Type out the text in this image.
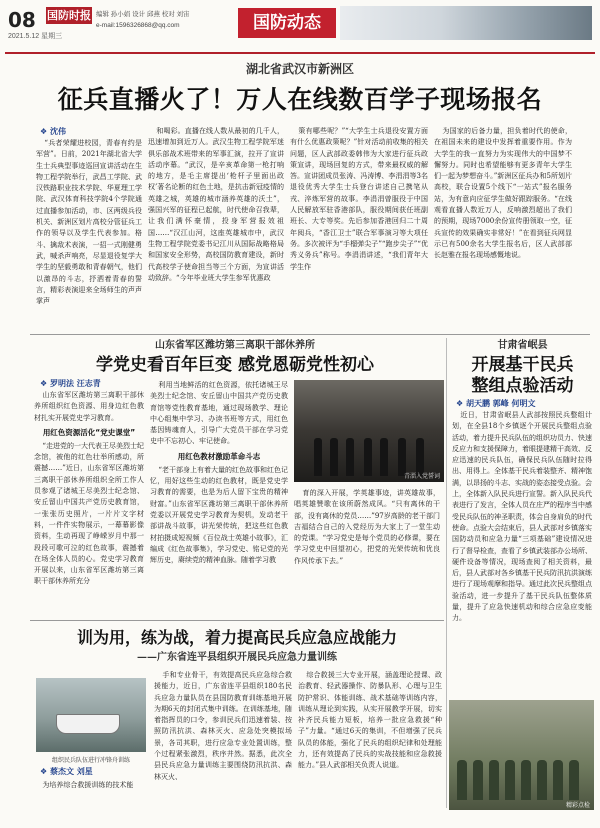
08
2021.5.12 星期三
国防时报 编辑 孙小娟 设计 邱燕 校对 刘宙
e-mail:1596326868@qq.com	国防动态
湖北省武汉市新洲区
征兵直播火了！万人在线数百学子现场报名
❖ 沈伟

“兵者荣耀进校园，青春有约是军营”。日前，2021年湖北省大学生士兵典型事迹巡回宣讲活动在生物工程学院举行，武昌工学院、武汉铁路职业技术学院、华夏理工学院、武汉体育科技学院4个学院通过直播参加活动，市、区两级兵役机关、新洲区划片高校分管征兵工作的领导以及学生代表参加。格斗、擒敌术表演，一招一式刚健勇武，喊杀声响亮，尽显退役复学大学生的坚毅勇敢和青春朝气，他们以激昂的斗志，抒洒着青春的誓言，精彩表演迎来全场师生的声声掌声

和喝彩。直播在线人数从最初的几千人，迅速增加到近万人。武汉生物工程学院军迷俱乐部战术班带来的军事汇演，拉开了宣讲活动序幕。“武汉，是辛亥革命第一枪打响的地方，是毛主席提出‘枪杆子里面出政权’著名论断的红色土地，是抗击新冠疫情的英雄之城，英雄的城市涵养英雄的沃土”，强国兴军的征程已起航，时代使命召我辈，让我们满怀豪情，投身军营报效祖国……“汉江山河，这座英雄城市中，武汉生物工程学院党委书记江川从国际战略格局和国家安全形势，高校国防教育建设，新时代高校学子使命担当等三个方面，为宣讲活动致辞。“今年毕业班大学生参军优惠政

策有哪些呢？”“大学生士兵退役安置方面有什么优惠政策呢？”针对活动前收集的相关问题，区人武部政委韩伟为大家进行征兵政策宣讲，现场回复的方式，带来最权威的解答。宣讲团成员张涛、冯涛博、李涓涓等3名退役优秀大学生士兵登台讲述自己携笔从戎、淬炼军营的故事。李涓涓曾服役于中国人民解放军驻香港部队，服役期间获任班副班长、大专等奖。先后参加香港回归二十周年阅兵，“香江卫士”联合军事演习等大项任务。多次被评为“手榴弹尖子”“跑步尖子”“优秀义务兵”称号。李涓涓讲述，“我们青年大学生作

为国家的后备力量，担负着时代的使命，在祖国未来的建设中发挥着重要作用。作为大学生的我一直努力为实现伟大的中国梦不懈努力。同时也希望能够有更多青年大学生们一起为梦想奋斗。”新洲区征兵办和5所划片高校，联合设置5个线下“一站式”报名服务站，为有意向应征学生做好跟踪服务。“在线观看直播人数近万人，反响激烈超出了我们的预期，现场7000余份宣传册领取一空，征兵宣传的效果确实非常好！”在看到征兵网显示已有500余名大学生报名后，区人武部部长赵雅在报名现场感慨地说。

山东省军区潍坊第三离职干部休养所
学党史看百年巨变 感党恩砺党性初心
❖ 罗明法 汪志青

山东省军区潍坊第三离职干部休养所组织红色资源、用身边红色教材扎实开展党史学习教育。

用红色资源活化“党史课堂”

“走进党的一大代表王尽美烈士纪念馆，被他的红色壮举所感动，所震撼……”近日，山东省军区潍坊第三离职干部休养所组织全所工作人员参观了诸城王尽美烈士纪念馆、安丘留山中国共产党历史教育馆，一张张历史照片，一片片文字材料，一件件实物展示，一幕幕影像资料，生动再现了峥嵘岁月中那一段段可歌可泣的红色故事，震撼着在场全体人员的心。党史学习教育开展以来，山东省军区潍坊第三离职干部休养所充分

利用当地鲜活的红色资源，依托诸城王尽美烈士纪念馆、安丘留山中国共产党历史教育馆等党性教育基地，通过现场教学、理论中心组集中学习、办读书班等方式，用红色基因铸魂育人，引导广大党员干部在学习党史中不忘初心、牢记使命。

用红色教材激励革命斗志

“老干部身上有着大量的红色故事和红色记忆，用好这些生动的红色教材，既是党史学习教育的需要，也是为后人留下宝贵的精神财富。”山东省军区潍坊第三离职干部休养所党委以开展党史学习教育为契机，发动老干部讲战斗故事，讲光荣传统，把这些红色教材拍摄成短视频《百位战士英雄小故事》，汇编成《红色故事集》，学习党史、铭记党的光辉历史，赓续党的精神血脉。随着学习教

青淄入党誓词

育的深入开展，学英雄事迹，讲英雄故事，唱英雄赞歌在该所蔚然成风。“只有离休的干部，没有离休的党员……”97岁高龄的老干部门吉福结合自己的入党经历为大家上了一堂生动的党课。“学习党史是每个党员的必修课，要在学习党史中回望初心，把党的光荣传统和优良作风传承下去。”

甘肃省岷县
开展基干民兵
整组点验活动
❖ 胡天鹏 郭峰 何明文

近日，甘肃省岷县人武部按照民兵整组计划，在全县18个乡镇逐个开展民兵整组点验活动，着力提升民兵队伍的组织功员力、快速反应力和支援保障力，着眼提建精干高效、反应迅速的民兵队伍，确保民兵队伍随时拉得出、用得上。全体基干民兵着装整齐、精神饱满，以昂扬的斗志、实战的姿态接受点验。会上，全体新入队民兵进行宣誓。新入队民兵代表进行了发言，全体人员在庄严的程序当中感受民兵队伍的神圣职责，体会自身肩负的时代使命。点验大会结束后，县人武部对乡镇落实国防动员和应急力量“三项基础”建设情况进行了督导检查，查看了乡镇武装部办公场所、硬件设备等情况，现场查阅了相关资料，最后，县人武部对各乡镇基干民兵防汛抗洪演练进行了现场观摩和指导。通过此次民兵整组点验活动，进一步提升了基干民兵队伍整体质量，提升了应急快速机动和综合应急应变能力。

精彩点检
训为用，练为战，着力提高民兵应急应战能力
——广东省连平县组织开展民兵应急力量训练
组织民兵队伍进行冲锋舟训练
❖ 蔡杰文 刘星

为培养综合救援训练的技术能

手和专业骨干，有效提高民兵应急综合救援能力，近日，广东省连平县组织180名民兵应急力量队员在县国防教育训练基地开展为期6天的封闭式集中训练。在训练基地，随着指挥员的口令，参训民兵们迅速着装、按照防汛抗洪、森林灭火、应急处突模拟场景，各司其职，进行应急专业处置训练，整个过程紧张激烈，秩序井然。据悉，此次全县民兵应急力量训练主要围绕防汛抗洪、森林灭火、

综合救援三大专业开展，涵盖理论授课、政治教育、轻武器操作、防暴队形、心理与卫生防护常识、体能训练、战术基础等训练内容，训练从理论到实践，从实开展教学开展，切实补齐民兵能力短板，培养一批应急救援“种子”力量。“通过6天的集训，不但增强了民兵队员的体能，强化了民兵的组织纪律和处理能力，还有效提高了民兵的实战技能和应急救援能力。”县人武部相关负责人说道。
